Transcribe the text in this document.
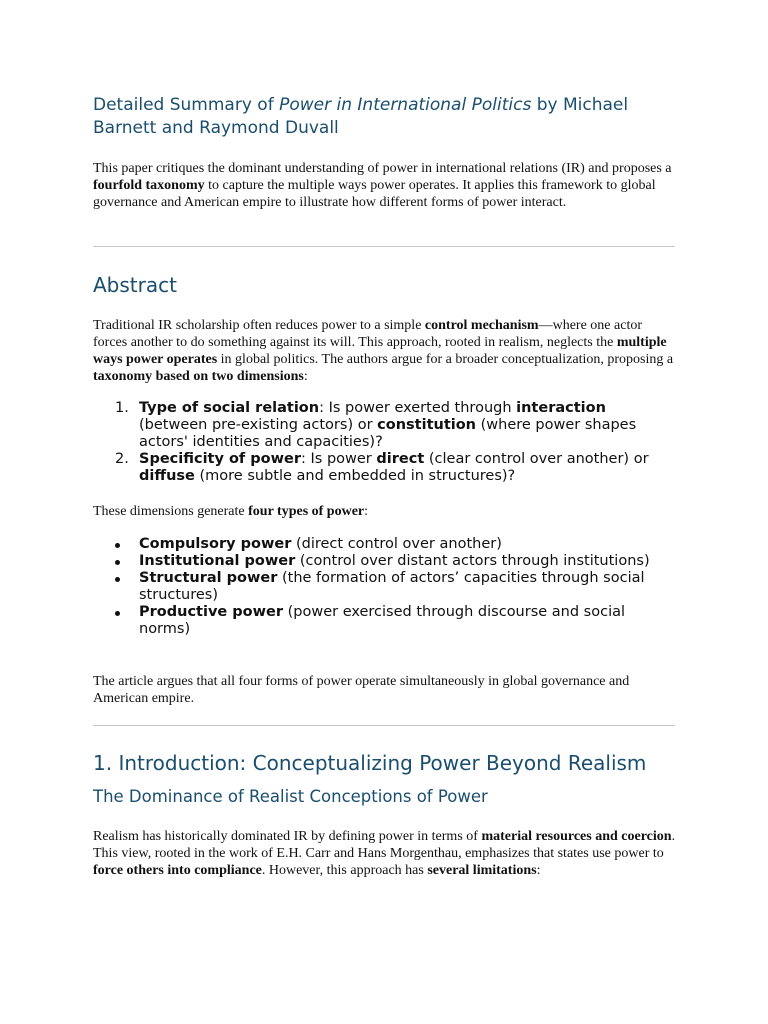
Detailed Summary of Power in International Politics by Michael Barnett and Raymond Duvall

This paper critiques the dominant understanding of power in international relations (IR) and proposes a fourfold taxonomy to capture the multiple ways power operates. It applies this framework to global governance and American empire to illustrate how different forms of power interact.

Abstract

Traditional IR scholarship often reduces power to a simple control mechanism—where one actor forces another to do something against its will. This approach, rooted in realism, neglects the multiple ways power operates in global politics. The authors argue for a broader conceptualization, proposing a taxonomy based on two dimensions:

1. Type of social relation: Is power exerted through interaction (between pre-existing actors) or constitution (where power shapes actors' identities and capacities)?
2. Specificity of power: Is power direct (clear control over another) or diffuse (more subtle and embedded in structures)?

These dimensions generate four types of power:

Compulsory power (direct control over another)
Institutional power (control over distant actors through institutions)
Structural power (the formation of actors’ capacities through social structures)
Productive power (power exercised through discourse and social norms)

The article argues that all four forms of power operate simultaneously in global governance and American empire.

1. Introduction: Conceptualizing Power Beyond Realism
The Dominance of Realist Conceptions of Power

Realism has historically dominated IR by defining power in terms of material resources and coercion. This view, rooted in the work of E.H. Carr and Hans Morgenthau, emphasizes that states use power to force others into compliance. However, this approach has several limitations:
